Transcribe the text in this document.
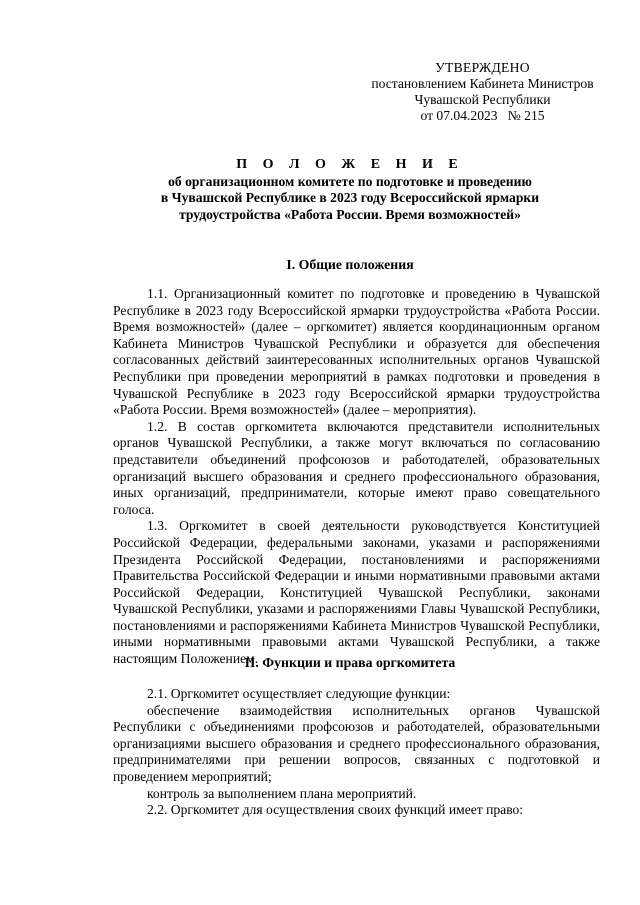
УТВЕРЖДЕНО
постановлением Кабинета Министров
Чувашской Республики
от 07.04.2023   № 215
П О Л О Ж Е Н И Е
об организационном комитете по подготовке и проведению
в Чувашской Республике в 2023 году Всероссийской ярмарки
трудоустройства «Работа России. Время возможностей»
I. Общие положения

1.1. Организационный комитет по подготовке и проведению в Чувашской Республике в 2023 году Всероссийской ярмарки трудоустройства «Работа России. Время возможностей» (далее – оргкомитет) является координационным органом Кабинета Министров Чувашской Республики и образуется для обеспечения согласованных действий заинтересованных исполнительных органов Чувашской Республики при проведении мероприятий в рамках подготовки и проведения в Чувашской Республике в 2023 году Всероссийской ярмарки трудоустройства «Работа России. Время возможностей» (далее – мероприятия).

1.2. В состав оргкомитета включаются представители исполнительных органов Чувашской Республики, а также могут включаться по согласованию представители объединений профсоюзов и работодателей, образовательных организаций высшего образования и среднего профессионального образования, иных организаций, предприниматели, которые имеют право совещательного голоса.

1.3. Оргкомитет в своей деятельности руководствуется Конституцией Российской Федерации, федеральными законами, указами и распоряжениями Президента Российской Федерации, постановлениями и распоряжениями Правительства Российской Федерации и иными нормативными правовыми актами Российской Федерации, Конституцией Чувашской Республики, законами Чувашской Республики, указами и распоряжениями Главы Чувашской Республики, постановлениями и распоряжениями Кабинета Министров Чувашской Республики, иными нормативными правовыми актами Чувашской Республики, а также настоящим Положением.

II. Функции и права оргкомитета

2.1. Оргкомитет осуществляет следующие функции:

обеспечение взаимодействия исполнительных органов Чувашской Республики с объединениями профсоюзов и работодателей, образовательными организациями высшего образования и среднего профессионального образования, предпринимателями при решении вопросов, связанных с подготовкой и проведением мероприятий;

контроль за выполнением плана мероприятий.

2.2. Оргкомитет для осуществления своих функций имеет право:
